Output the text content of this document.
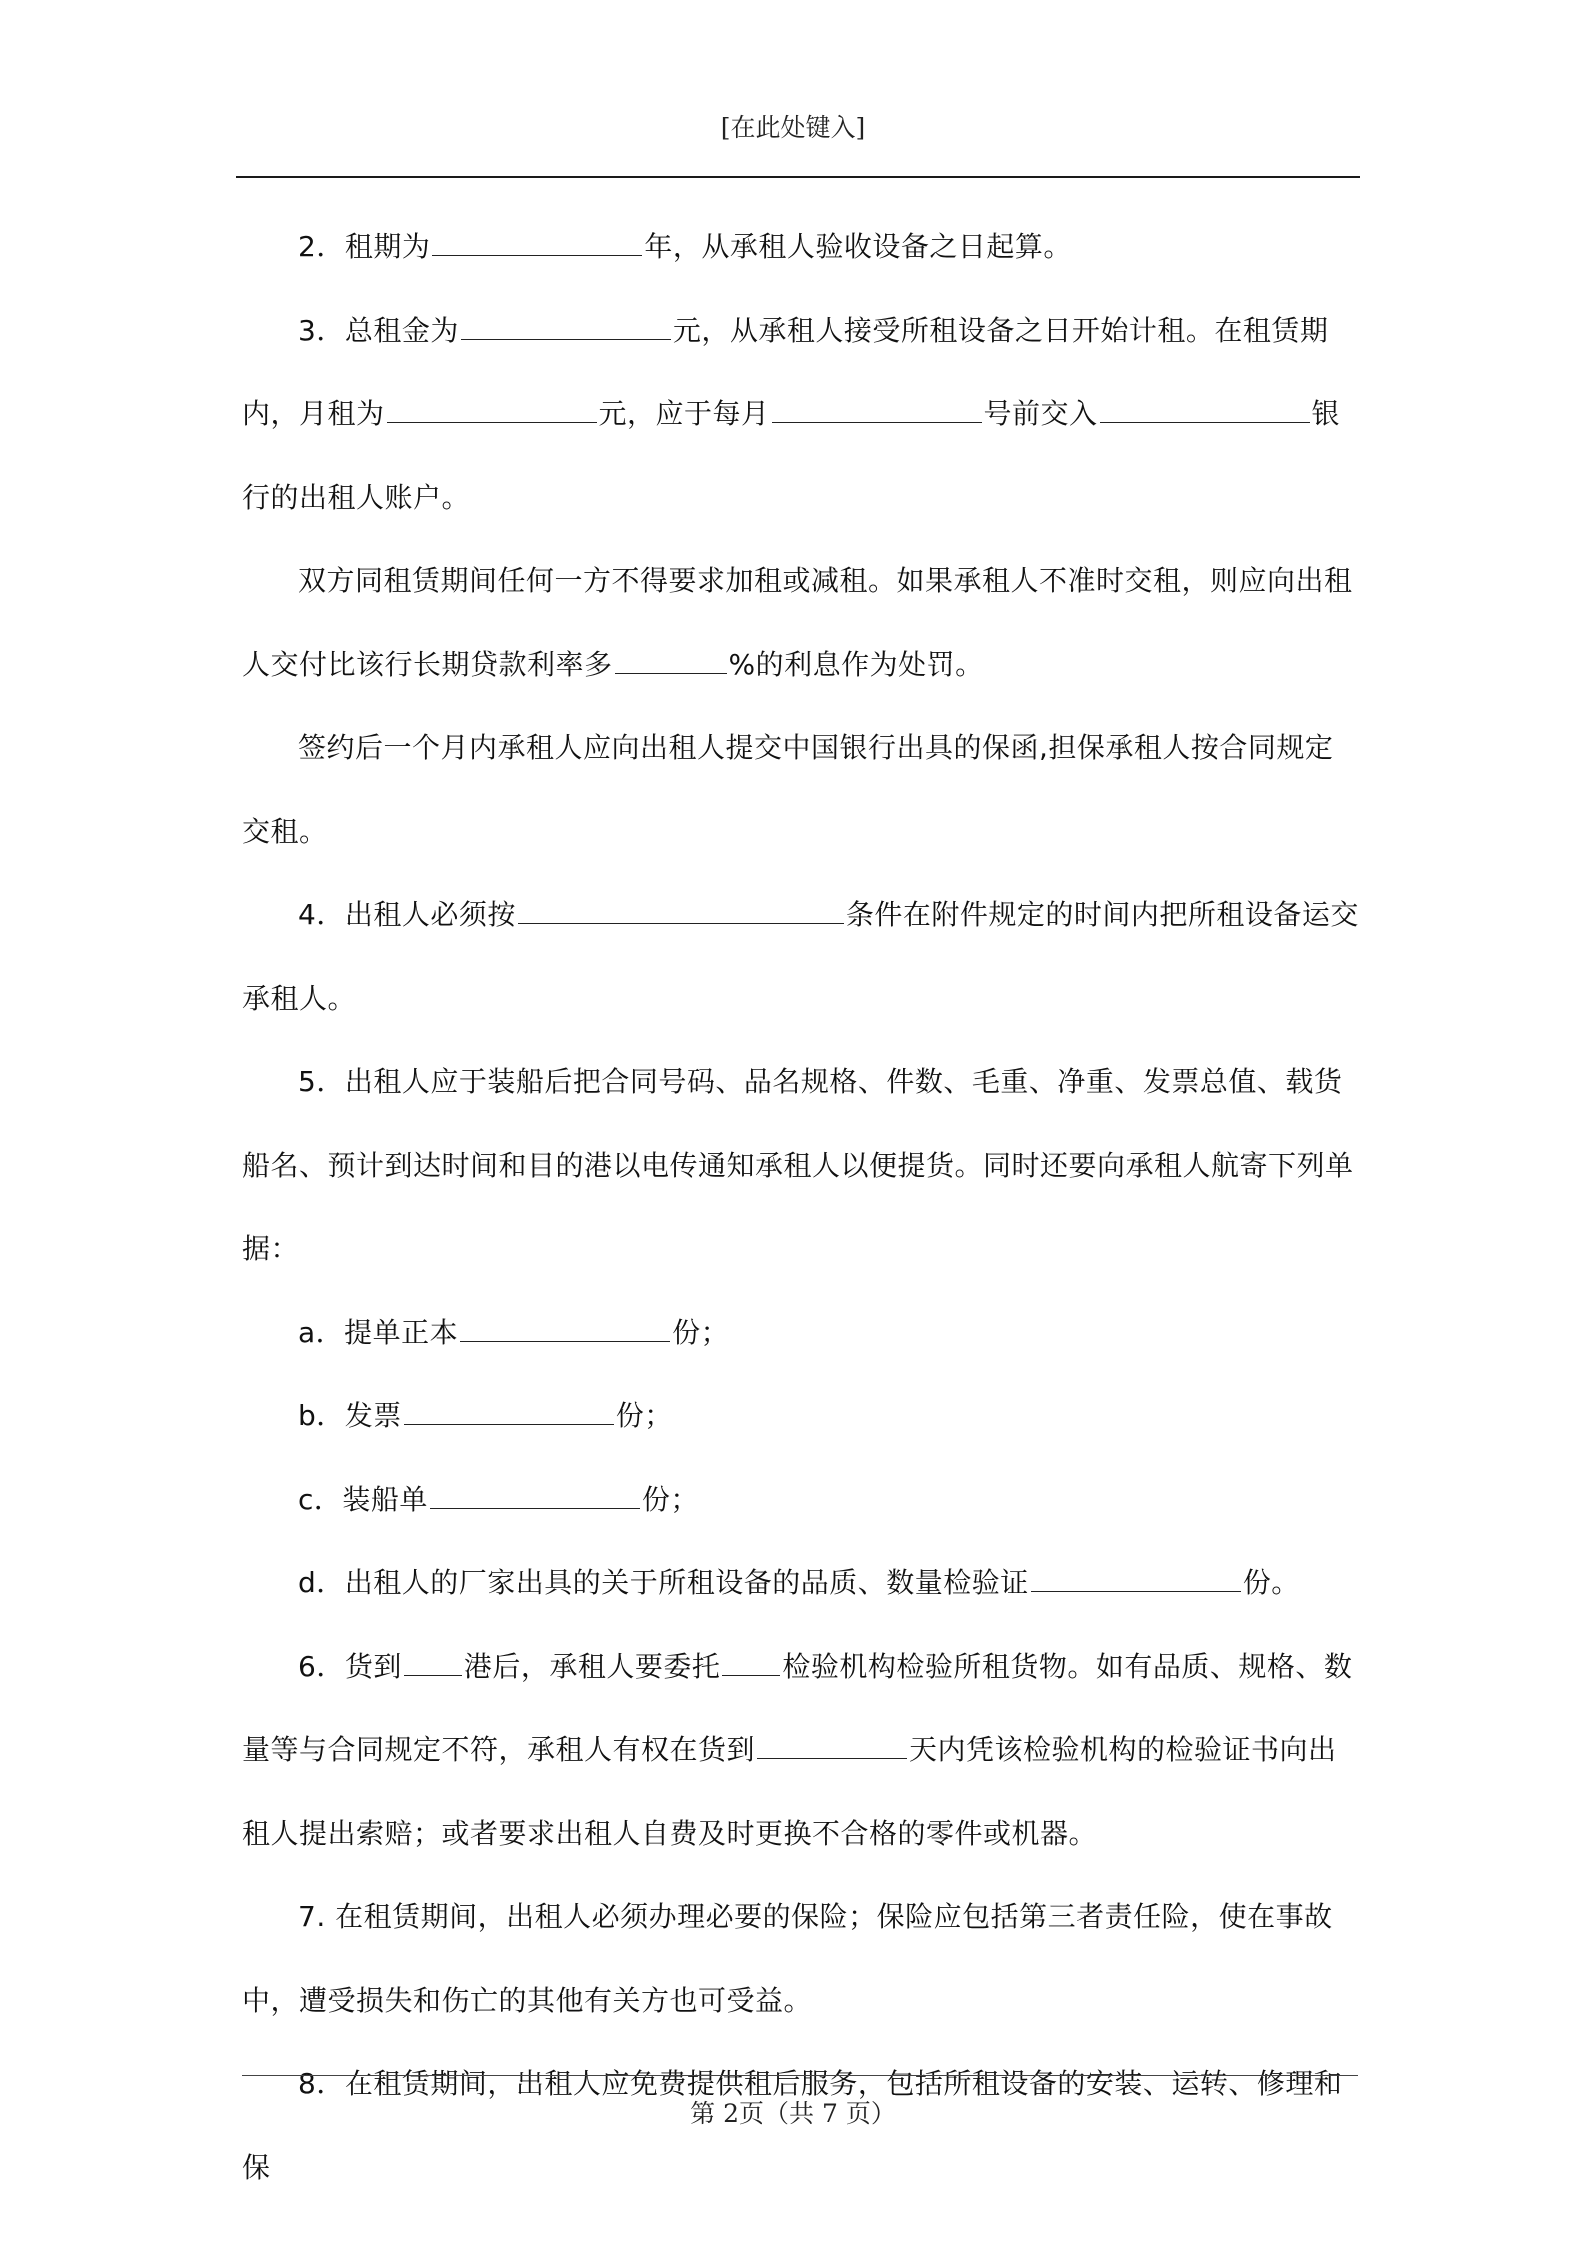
[在此处键入]

2．租期为	年，从承租人验收设备之日起算。

3．总租金为	元，从承租人接受所租设备之日开始计租。在租赁期内，月租为	元，应于每月	号前交入	银行的出租人账户。

双方同租赁期间任何一方不得要求加租或减租。如果承租人不准时交租，则应向出租人交付比该行长期贷款利率多	%的利息作为处罚。

签约后一个月内承租人应向出租人提交中国银行出具的保函,担保承租人按合同规定交租。

4．出租人必须按	条件在附件规定的时间内把所租设备运交承租人。

5．出租人应于装船后把合同号码、品名规格、件数、毛重、净重、发票总值、载货船名、预计到达时间和目的港以电传通知承租人以便提货。同时还要向承租人航寄下列单据：

a．提单正本	份；

b．发票	份；

c．装船单	份；

d．出租人的厂家出具的关于所租设备的品质、数量检验证	份。

6．货到 港后，承租人要委托 检验机构检验所租货物。如有品质、规格、数量等与合同规定不符，承租人有权在货到	天内凭该检验机构的检验证书向出租人提出索赔；或者要求出租人自费及时更换不合格的零件或机器。

7. 在租赁期间，出租人必须办理必要的保险；保险应包括第三者责任险，使在事故中，遭受损失和伤亡的其他有关方也可受益。

8．在租赁期间，出租人应免费提供租后服务，包括所租设备的安装、运转、修理和保

第 2页（共 7 页）
